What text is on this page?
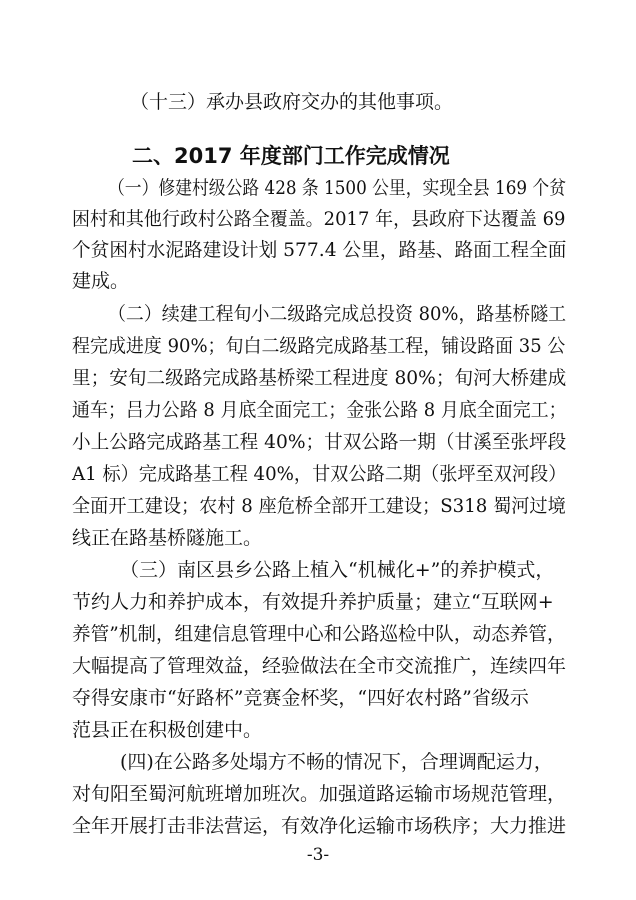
（十三）承办县政府交办的其他事项。
二、2017 年度部门工作完成情况
（一）修建村级公路 428 条 1500 公里，实现全县 169 个贫
困村和其他行政村公路全覆盖。2017 年，县政府下达覆盖 69
个贫困村水泥路建设计划 577.4 公里，路基、路面工程全面
建成。
（二）续建工程旬小二级路完成总投资 80%，路基桥隧工
程完成进度 90%；旬白二级路完成路基工程，铺设路面 35 公
里；安旬二级路完成路基桥梁工程进度 80%；旬河大桥建成
通车；吕力公路 8 月底全面完工；金张公路 8 月底全面完工；
小上公路完成路基工程 40%；甘双公路一期（甘溪至张坪段
A1 标）完成路基工程 40%，甘双公路二期（张坪至双河段）
全面开工建设；农村 8 座危桥全部开工建设；S318 蜀河过境
线正在路基桥隧施工。
（三）南区县乡公路上植入“机械化+”的养护模式，
节约人力和养护成本，有效提升养护质量；建立“互联网+
养管”机制，组建信息管理中心和公路巡检中队，动态养管，
大幅提高了管理效益，经验做法在全市交流推广，连续四年
夺得安康市“好路杯”竞赛金杯奖，“四好农村路”省级示
范县正在积极创建中。
(四)在公路多处塌方不畅的情况下，合理调配运力，
对旬阳至蜀河航班增加班次。加强道路运输市场规范管理，
全年开展打击非法营运，有效净化运输市场秩序；大力推进
-3-
